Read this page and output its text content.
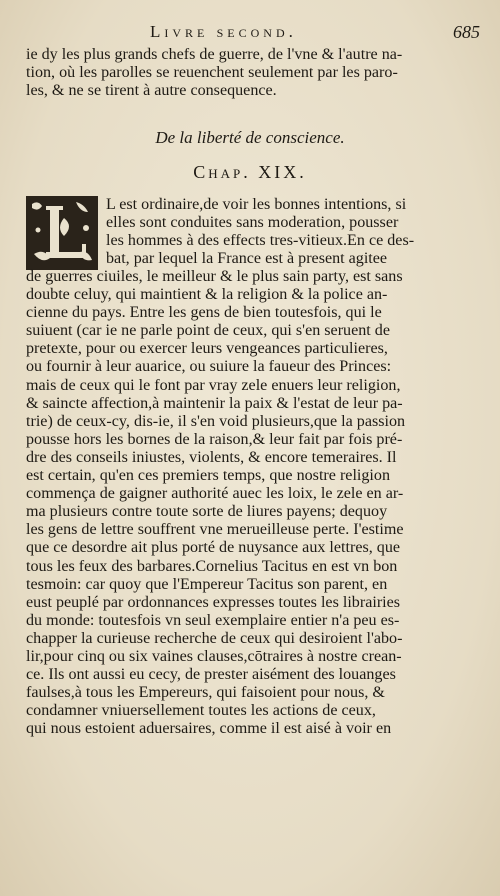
Livre second.	685
ie dy les plus grands chefs de guerre, de l'vne & l'autre na-
tion, où les parolles se reuenchent seulement par les paro-
les, & ne se tirent à autre consequence.
De la liberté de conscience.
Chap. XIX.
L est ordinaire,de voir les bonnes intentions, si
elles sont conduites sans moderation, pousser
les hommes à des effects tres-vitieux.En ce des-
bat, par lequel la France est à present agitee
de guerres ciuiles, le meilleur & le plus sain party, est sans
doubte celuy, qui maintient & la religion & la police an-
cienne du pays. Entre les gens de bien toutesfois, qui le
suiuent (car ie ne parle point de ceux, qui s'en seruent de
pretexte, pour ou exercer leurs vengeances particulieres,
ou fournir à leur auarice, ou suiure la faueur des Princes:
mais de ceux qui le font par vray zele enuers leur religion,
& saincte affection,à maintenir la paix & l'estat de leur pa-
trie) de ceux-cy, dis-ie, il s'en void plusieurs,que la passion
pousse hors les bornes de la raison,& leur fait par fois pré-
dre des conseils iniustes, violents, & encore temeraires. Il
est certain, qu'en ces premiers temps, que nostre religion
commença de gaigner authorité auec les loix, le zele en ar-
ma plusieurs contre toute sorte de liures payens; dequoy
les gens de lettre souffrent vne merueilleuse perte. I'estime
que ce desordre ait plus porté de nuysance aux lettres, que
tous les feux des barbares.Cornelius Tacitus en est vn bon
tesmoin: car quoy que l'Empereur Tacitus son parent, en
eust peuplé par ordonnances expresses toutes les librairies
du monde: toutesfois vn seul exemplaire entier n'a peu es-
chapper la curieuse recherche de ceux qui desiroient l'abo-
lir,pour cinq ou six vaines clauses,cōtraires à nostre crean-
ce. Ils ont aussi eu cecy, de prester aisément des louanges
faulses,à tous les Empereurs, qui faisoient pour nous, &
condamner vniuersellement toutes les actions de ceux,
qui nous estoient aduersaires, comme il est aisé à voir en
